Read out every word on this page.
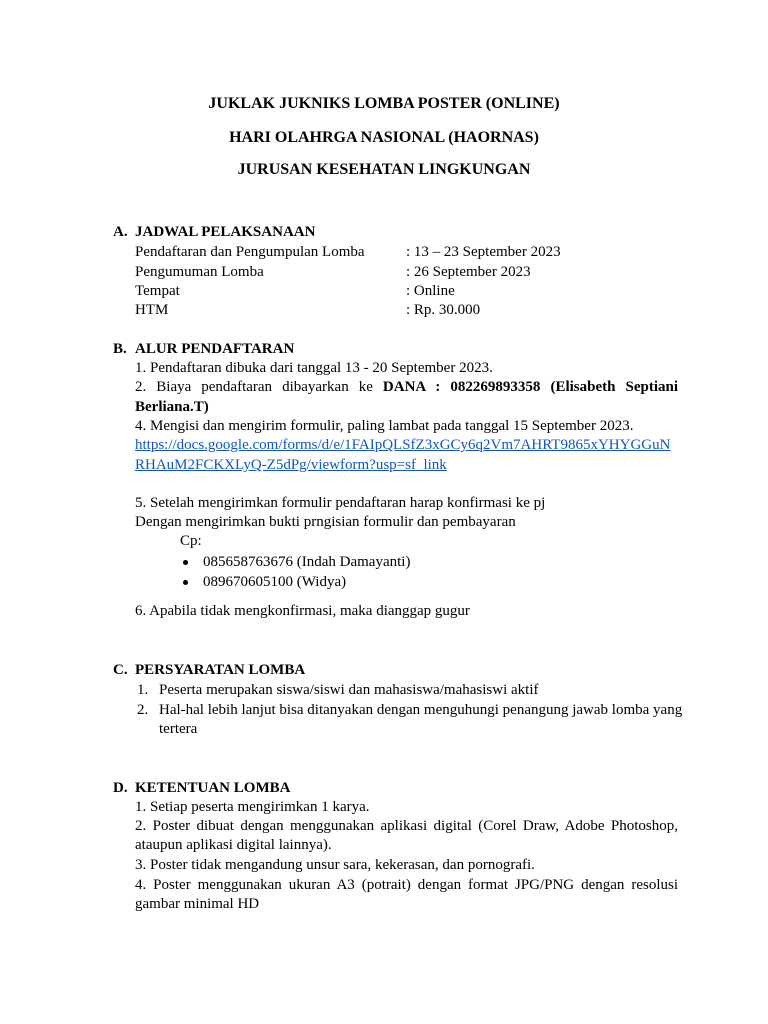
JUKLAK JUKNIKS LOMBA POSTER (ONLINE)
HARI OLAHRGA NASIONAL (HAORNAS)
JURUSAN KESEHATAN LINGKUNGAN
A. JADWAL PELAKSANAAN
Pendaftaran dan Pengumpulan Lomba	: 13 – 23 September 2023
Pengumuman Lomba	: 26 September 2023
Tempat	: Online
HTM	: Rp. 30.000
B. ALUR PENDAFTARAN
1. Pendaftaran dibuka dari tanggal 13 - 20 September 2023.
2. Biaya pendaftaran dibayarkan ke DANA : 082269893358 (Elisabeth Septiani
Berliana.T)
4. Mengisi dan mengirim formulir, paling lambat pada tanggal 15 September 2023.
https://docs.google.com/forms/d/e/1FAIpQLSfZ3xGCy6q2Vm7AHRT9865xYHYGGuN
RHAuM2FCKXLyQ-Z5dPg/viewform?usp=sf_link
5. Setelah mengirimkan formulir pendaftaran harap konfirmasi ke pj
Dengan mengirimkan bukti prngisian formulir dan pembayaran
Cp:
085658763676 (Indah Damayanti)
089670605100 (Widya)
6. Apabila tidak mengkonfirmasi, maka dianggap gugur
C. PERSYARATAN LOMBA
1. Peserta merupakan siswa/siswi dan mahasiswa/mahasiswi aktif
2. Hal-hal lebih lanjut bisa ditanyakan dengan menguhungi penangung jawab lomba yang
tertera
D. KETENTUAN LOMBA
1. Setiap peserta mengirimkan 1 karya.
2. Poster dibuat dengan menggunakan aplikasi digital (Corel Draw, Adobe Photoshop,
ataupun aplikasi digital lainnya).
3. Poster tidak mengandung unsur sara, kekerasan, dan pornografi.
4. Poster menggunakan ukuran A3 (potrait) dengan format JPG/PNG dengan resolusi
gambar minimal HD
